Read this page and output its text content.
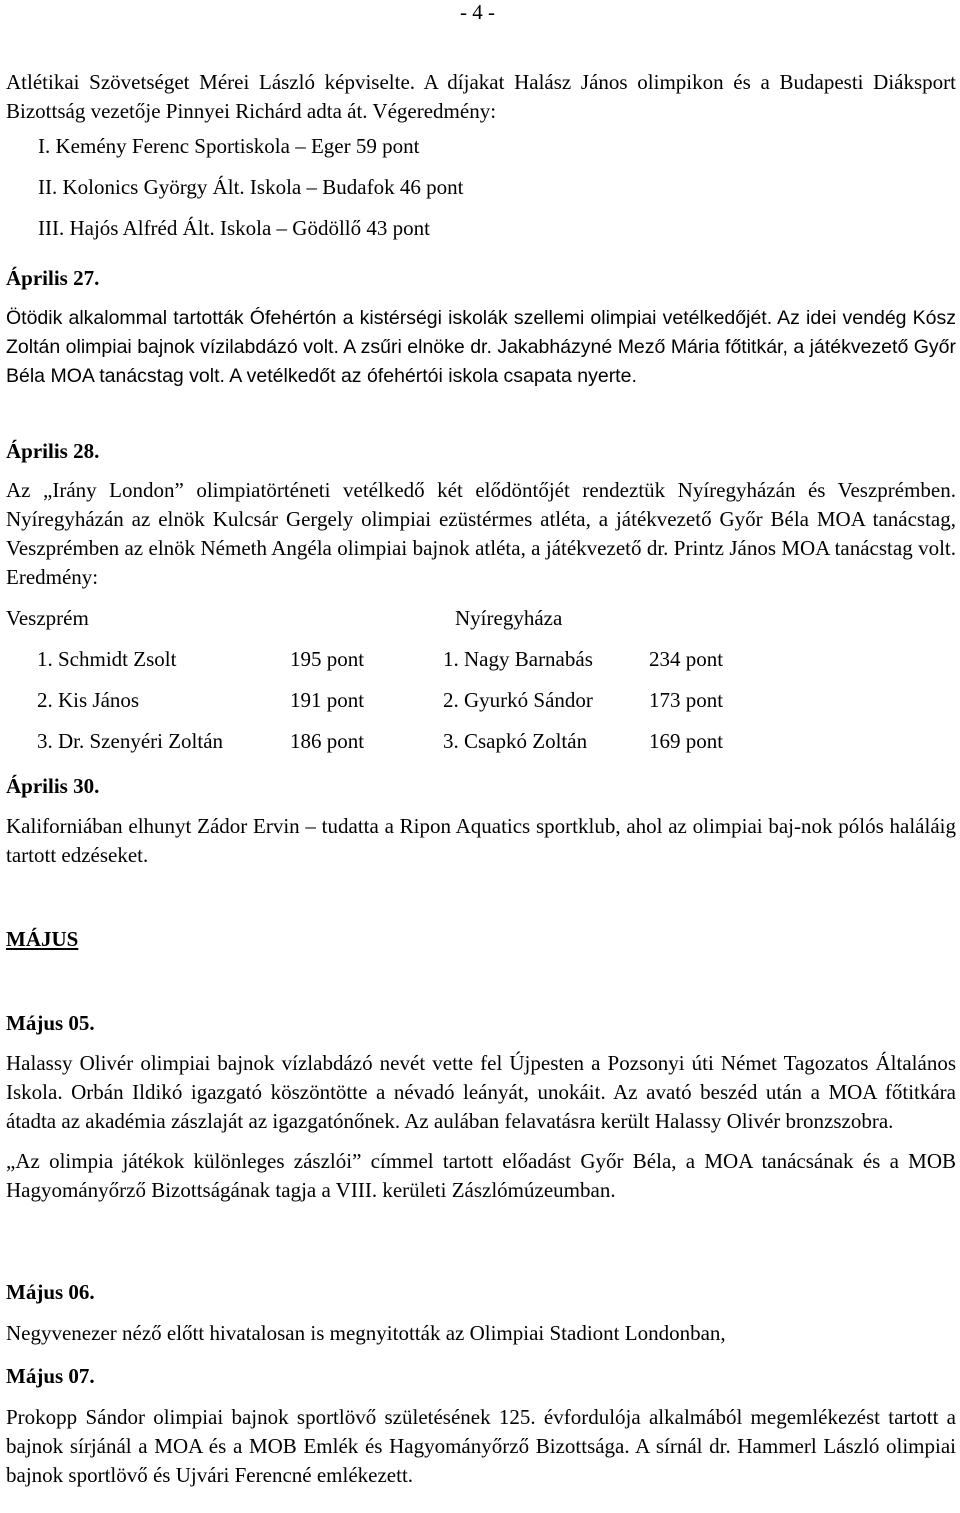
- 4 -

Atlétikai Szövetséget Mérei László képviselte. A díjakat Halász János olimpikon és a Budapesti Diáksport Bizottság vezetője Pinnyei Richárd adta át. Végeredmény:

I. Kemény Ferenc Sportiskola – Eger 59 pont
II. Kolonics György Ált. Iskola – Budafok 46 pont
III. Hajós Alfréd Ált. Iskola – Gödöllő 43 pont

Április 27.

Ötödik alkalommal tartották Ófehértón a kistérségi iskolák szellemi olimpiai vetélkedőjét. Az idei vendég Kósz Zoltán olimpiai bajnok vízilabdázó volt. A zsűri elnöke dr. Jakabházyné Mező Mária főtitkár, a játékvezető Győr Béla MOA tanácstag volt. A vetélkedőt az ófehértói iskola csapata nyerte.

Április 28.

Az „Irány London” olimpiatörténeti vetélkedő két elődöntőjét rendeztük Nyíregyházán és Veszprémben. Nyíregyházán az elnök Kulcsár Gergely olimpiai ezüstérmes atléta, a játékvezető Győr Béla MOA tanácstag, Veszprémben az elnök Németh Angéla olimpiai bajnok atléta, a játékvezető dr. Printz János MOA tanácstag volt. Eredmény:

Veszprém	Nyíregyháza
1. Schmidt Zsolt	195 pont	1. Nagy Barnabás	234 pont
2. Kis János	191 pont	2. Gyurkó Sándor	173 pont
3. Dr. Szenyéri Zoltán	186 pont	3. Csapkó Zoltán	169 pont

Április 30.

Kaliforniában elhunyt Zádor Ervin – tudatta a Ripon Aquatics sportklub, ahol az olimpiai baj-nok pólós haláláig tartott edzéseket.

MÁJUS

Május 05.

Halassy Olivér olimpiai bajnok vízlabdázó nevét vette fel Újpesten a Pozsonyi úti Német Tagozatos Általános Iskola. Orbán Ildikó igazgató köszöntötte a névadó leányát, unokáit. Az avató beszéd után a MOA főtitkára átadta az akadémia zászlaját az igazgatónőnek. Az aulában felavatásra került Halassy Olivér bronzszobra.

„Az olimpia játékok különleges zászlói” címmel tartott előadást Győr Béla, a MOA tanácsának és a MOB Hagyományőrző Bizottságának tagja a VIII. kerületi Zászlómúzeumban.

Május 06.

Negyvenezer néző előtt hivatalosan is megnyitották az Olimpiai Stadiont Londonban,

Május 07.

Prokopp Sándor olimpiai bajnok sportlövő születésének 125. évfordulója alkalmából megemlékezést tartott a bajnok sírjánál a MOA és a MOB Emlék és Hagyományőrző Bizottsága. A sírnál dr. Hammerl László olimpiai bajnok sportlövő és Ujvári Ferencné emlékezett.
